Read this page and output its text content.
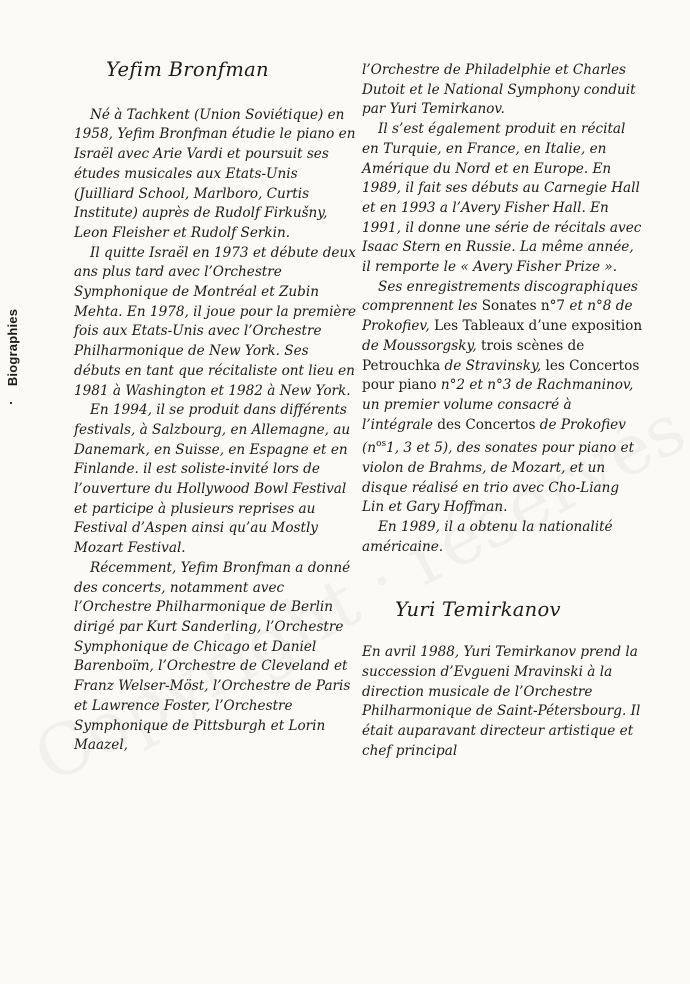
Biographies
Yefim Bronfman

Né à Tachkent (Union Soviétique) en 1958, Yefim Bronfman étudie le piano en Israël avec Arie Vardi et poursuit ses études musicales aux Etats-Unis (Juilliard School, Marlboro, Curtis Institute) auprès de Rudolf Firkušny, Leon Fleisher et Rudolf Serkin.

Il quitte Israël en 1973 et débute deux ans plus tard avec l’Orchestre Symphonique de Montréal et Zubin Mehta. En 1978, il joue pour la première fois aux Etats-Unis avec l’Orchestre Philharmonique de New York. Ses débuts en tant que récitaliste ont lieu en 1981 à Washington et 1982 à New York.

En 1994, il se produit dans différents festivals, à Salzbourg, en Allemagne, au Danemark, en Suisse, en Espagne et en Finlande. il est soliste-invité lors de l’ouverture du Hollywood Bowl Festival et participe à plusieurs reprises au Festival d’Aspen ainsi qu’au Mostly Mozart Festival.

Récemment, Yefim Bronfman a donné des concerts, notamment avec l’Orchestre Philharmonique de Berlin dirigé par Kurt Sanderling, l’Orchestre Symphonique de Chicago et Daniel Barenboïm, l’Orchestre de Cleveland et Franz Welser-Möst, l’Orchestre de Paris et Lawrence Foster, l’Orchestre Symphonique de Pittsburgh et Lorin Maazel,

l’Orchestre de Philadelphie et Charles Dutoit et le National Symphony conduit par Yuri Temirkanov.

Il s’est également produit en récital en Turquie, en France, en Italie, en Amérique du Nord et en Europe. En 1989, il fait ses débuts au Carnegie Hall et en 1993 a l’Avery Fisher Hall. En 1991, il donne une série de récitals avec Isaac Stern en Russie. La même année, il remporte le « Avery Fisher Prize ».

Ses enregistrements discographiques comprennent les Sonates n°7 et n°8 de Prokofiev, Les Tableaux d’une exposition de Moussorgsky, trois scènes de Petrouchka de Stravinsky, les Concertos pour piano n°2 et n°3 de Rachmaninov, un premier volume consacré à l’intégrale des Concertos de Prokofiev ($n^{os}1$, 3 et 5), des sonates pour piano et violon de Brahms, de Mozart, et un disque réalisé en trio avec Cho-Liang Lin et Gary Hoffman.

En 1989, il a obtenu la nationalité américaine.

Yuri Temirkanov

En avril 1988, Yuri Temirkanov prend la succession d’Evgueni Mravinski à la direction musicale de l’Orchestre Philharmonique de Saint-Pétersbourg. Il était auparavant directeur artistique et chef principal
